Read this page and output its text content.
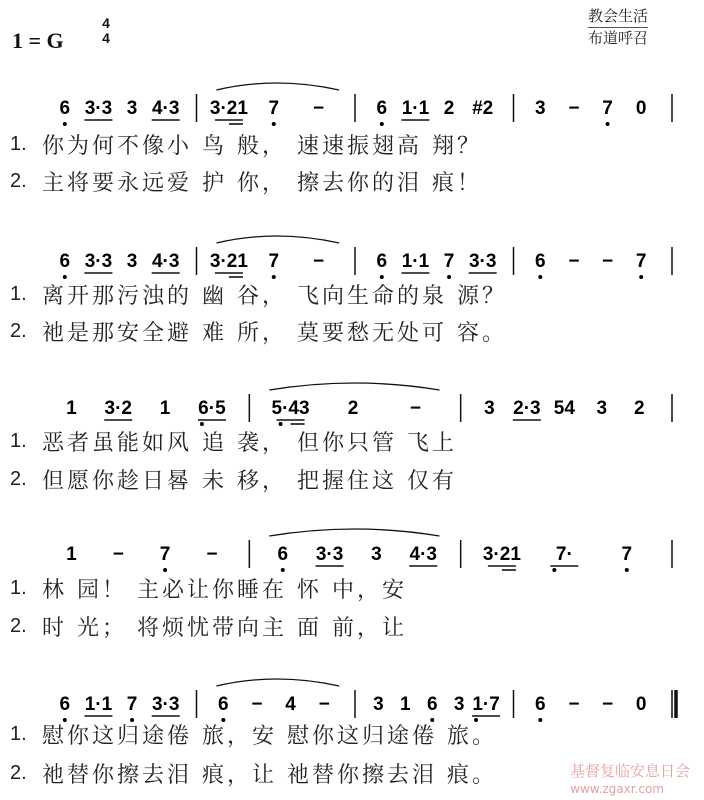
1 = G
4
4
教会生活
布道呼召
6 3·3 3 4·3 3·21 7 −	6 1·1 2 #2 3 − 7 0
6 3·3 3 4·3 3·21 7 −	6 1·1 7 3·3 6 − − 7
1 3·2 1 6·5 5·43 2	−	3 2·3 54 3 2
1 − 7 −	6 3·3 3 4·3 3·21 7·	7
6 1·1 7 3·3 6 − 4 − 3 1 6 3 1·7 6 − − 0
1. 你为何不像小 鸟 般， 速速振翅高 翔？
2. 主将要永远爱 护 你， 擦去你的泪 痕！
1. 离开那污浊的 幽 谷， 飞向生命的泉 源？
2. 祂是那安全避 难 所， 莫要愁无处可 容。
1. 恶者虽能如风 追 袭， 但你只管 飞上
2. 但愿你趁日晷 未 移， 把握住这 仅有
1. 林 园！ 主必让你睡在 怀 中，安
2. 时 光； 将烦忧带向主 面 前，让
1. 慰你这归途倦 旅，安 慰你这归途倦 旅。
2. 祂替你擦去泪 痕，让 祂替你擦去泪 痕。	基督复临安息日会
www.zgaxr.com
